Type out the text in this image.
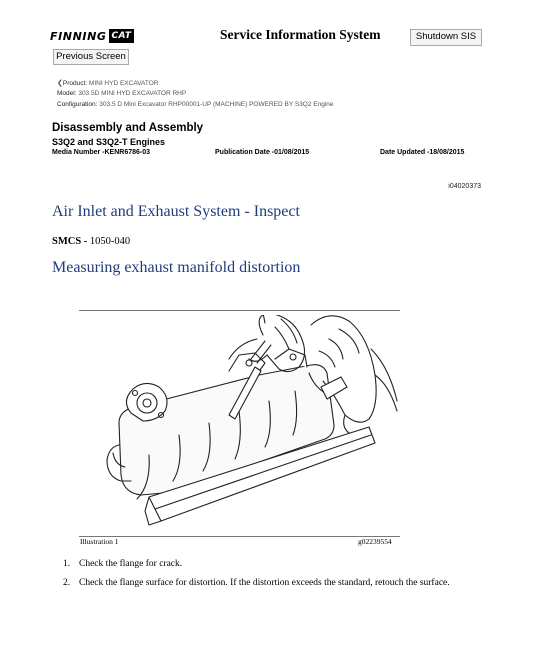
FINNING CAT	Service Information System	Shutdown SIS
Previous Screen
❮Product: MINI HYD EXCAVATOR
Model: 303.5D MINI HYD EXCAVATOR RHP
Configuration: 303.5 D Mini Excavator RHP00001-UP (MACHINE) POWERED BY S3Q2 Engine
Disassembly and Assembly
S3Q2 and S3Q2-T Engines
Media Number -KENR6786-03	Publication Date -01/08/2015	Date Updated -18/08/2015
i04020373
Air Inlet and Exhaust System - Inspect
SMCS - 1050-040
Measuring exhaust manifold distortion
Illustration 1	g02239554
1. Check the flange for crack.
2. Check the flange surface for distortion. If the distortion exceeds the standard, retouch the surface.
